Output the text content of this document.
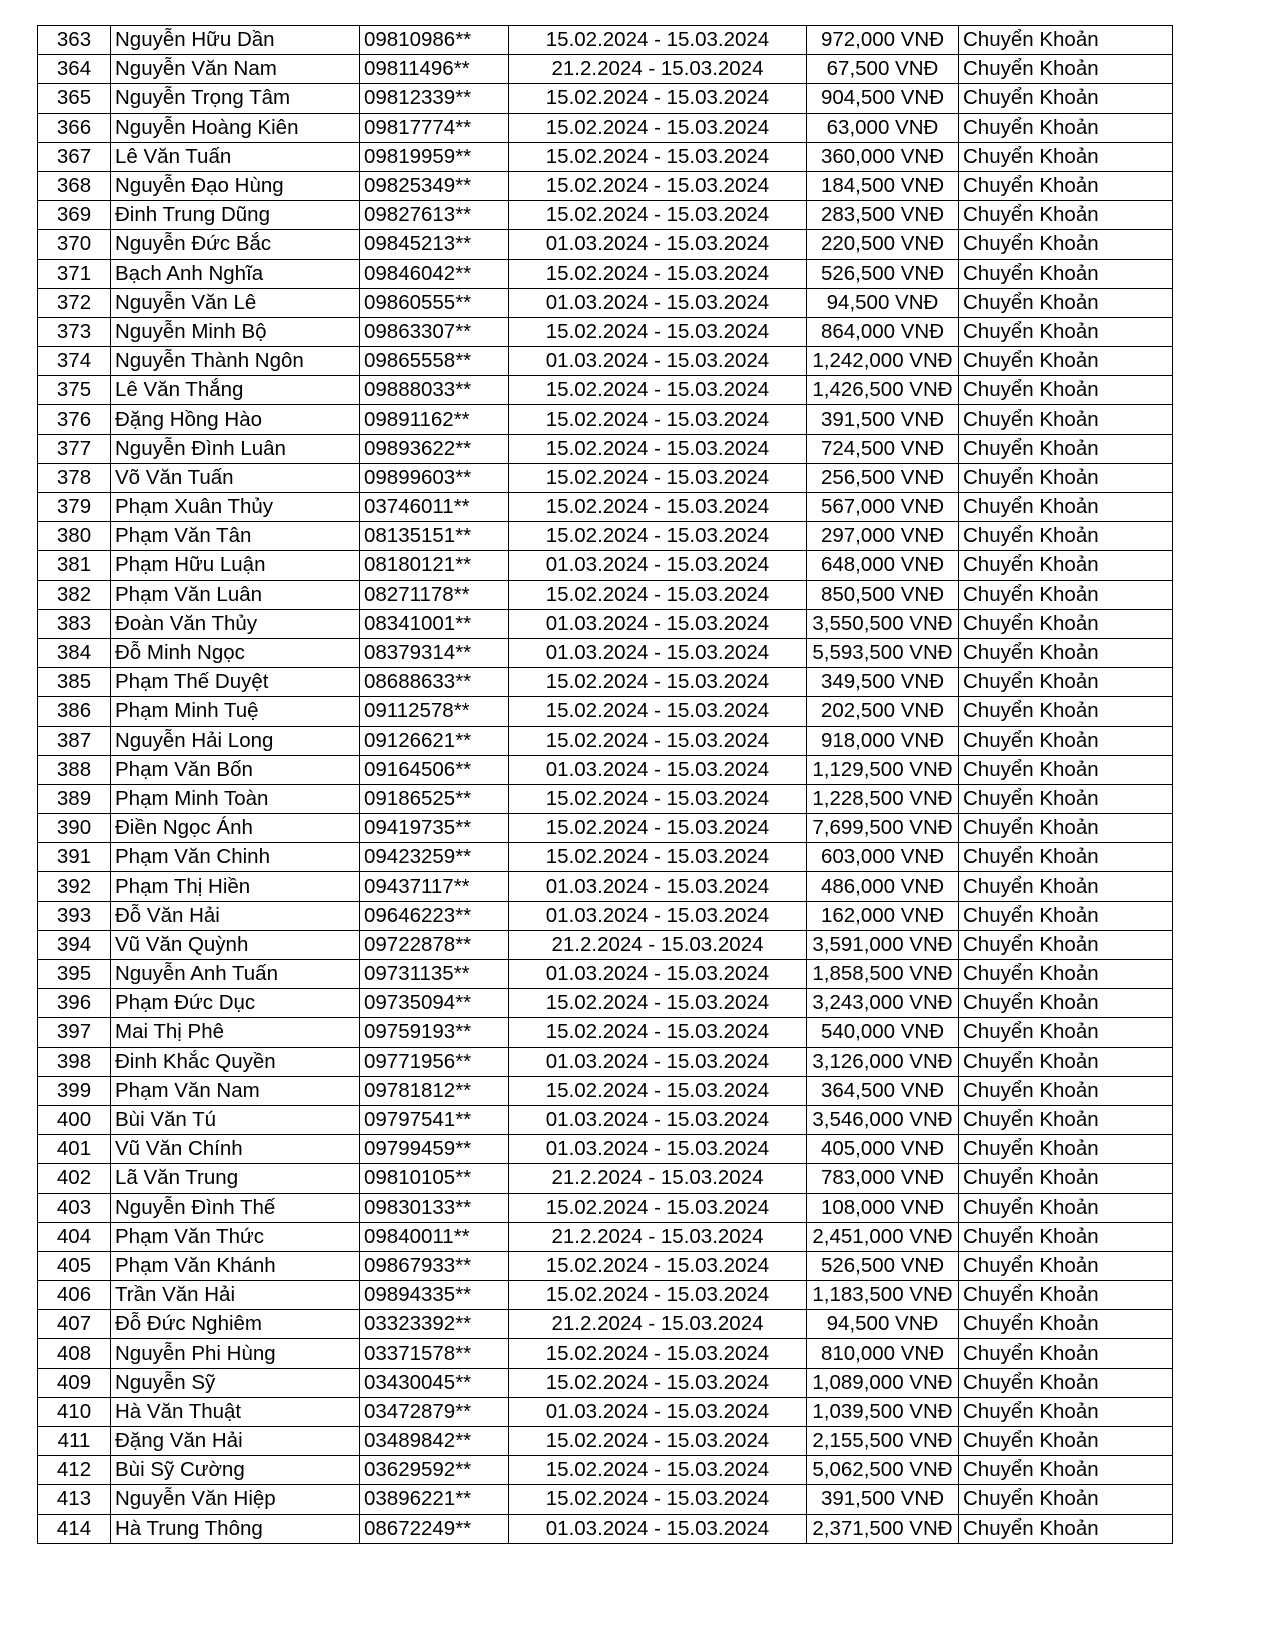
363	Nguyễn Hữu Dần	09810986**	15.02.2024 - 15.03.2024	972,000 VNĐ	Chuyển Khoản
364	Nguyễn Văn Nam	09811496**	21.2.2024 - 15.03.2024	67,500 VNĐ	Chuyển Khoản
365	Nguyễn Trọng Tâm	09812339**	15.02.2024 - 15.03.2024	904,500 VNĐ	Chuyển Khoản
366	Nguyễn Hoàng Kiên	09817774**	15.02.2024 - 15.03.2024	63,000 VNĐ	Chuyển Khoản
367	Lê Văn Tuấn	09819959**	15.02.2024 - 15.03.2024	360,000 VNĐ	Chuyển Khoản
368	Nguyễn Đạo Hùng	09825349**	15.02.2024 - 15.03.2024	184,500 VNĐ	Chuyển Khoản
369	Đinh Trung Dũng	09827613**	15.02.2024 - 15.03.2024	283,500 VNĐ	Chuyển Khoản
370	Nguyễn Đức Bắc	09845213**	01.03.2024 - 15.03.2024	220,500 VNĐ	Chuyển Khoản
371	Bạch Anh Nghĩa	09846042**	15.02.2024 - 15.03.2024	526,500 VNĐ	Chuyển Khoản
372	Nguyễn Văn Lê	09860555**	01.03.2024 - 15.03.2024	94,500 VNĐ	Chuyển Khoản
373	Nguyễn Minh Bộ	09863307**	15.02.2024 - 15.03.2024	864,000 VNĐ	Chuyển Khoản
374	Nguyễn Thành Ngôn	09865558**	01.03.2024 - 15.03.2024	1,242,000 VNĐ	Chuyển Khoản
375	Lê Văn Thắng	09888033**	15.02.2024 - 15.03.2024	1,426,500 VNĐ	Chuyển Khoản
376	Đặng Hồng Hào	09891162**	15.02.2024 - 15.03.2024	391,500 VNĐ	Chuyển Khoản
377	Nguyễn Đình Luân	09893622**	15.02.2024 - 15.03.2024	724,500 VNĐ	Chuyển Khoản
378	Võ Văn Tuấn	09899603**	15.02.2024 - 15.03.2024	256,500 VNĐ	Chuyển Khoản
379	Phạm Xuân Thủy	03746011**	15.02.2024 - 15.03.2024	567,000 VNĐ	Chuyển Khoản
380	Phạm Văn Tân	08135151**	15.02.2024 - 15.03.2024	297,000 VNĐ	Chuyển Khoản
381	Phạm Hữu Luận	08180121**	01.03.2024 - 15.03.2024	648,000 VNĐ	Chuyển Khoản
382	Phạm Văn Luân	08271178**	15.02.2024 - 15.03.2024	850,500 VNĐ	Chuyển Khoản
383	Đoàn Văn Thủy	08341001**	01.03.2024 - 15.03.2024	3,550,500 VNĐ	Chuyển Khoản
384	Đỗ Minh Ngọc	08379314**	01.03.2024 - 15.03.2024	5,593,500 VNĐ	Chuyển Khoản
385	Phạm Thế Duyệt	08688633**	15.02.2024 - 15.03.2024	349,500 VNĐ	Chuyển Khoản
386	Phạm Minh Tuệ	09112578**	15.02.2024 - 15.03.2024	202,500 VNĐ	Chuyển Khoản
387	Nguyễn Hải Long	09126621**	15.02.2024 - 15.03.2024	918,000 VNĐ	Chuyển Khoản
388	Phạm Văn Bốn	09164506**	01.03.2024 - 15.03.2024	1,129,500 VNĐ	Chuyển Khoản
389	Phạm Minh Toàn	09186525**	15.02.2024 - 15.03.2024	1,228,500 VNĐ	Chuyển Khoản
390	Điền Ngọc Ánh	09419735**	15.02.2024 - 15.03.2024	7,699,500 VNĐ	Chuyển Khoản
391	Phạm Văn Chinh	09423259**	15.02.2024 - 15.03.2024	603,000 VNĐ	Chuyển Khoản
392	Phạm Thị Hiền	09437117**	01.03.2024 - 15.03.2024	486,000 VNĐ	Chuyển Khoản
393	Đỗ Văn Hải	09646223**	01.03.2024 - 15.03.2024	162,000 VNĐ	Chuyển Khoản
394	Vũ Văn Quỳnh	09722878**	21.2.2024 - 15.03.2024	3,591,000 VNĐ	Chuyển Khoản
395	Nguyễn Anh Tuấn	09731135**	01.03.2024 - 15.03.2024	1,858,500 VNĐ	Chuyển Khoản
396	Phạm Đức Dục	09735094**	15.02.2024 - 15.03.2024	3,243,000 VNĐ	Chuyển Khoản
397	Mai Thị Phê	09759193**	15.02.2024 - 15.03.2024	540,000 VNĐ	Chuyển Khoản
398	Đinh Khắc Quyền	09771956**	01.03.2024 - 15.03.2024	3,126,000 VNĐ	Chuyển Khoản
399	Phạm Văn Nam	09781812**	15.02.2024 - 15.03.2024	364,500 VNĐ	Chuyển Khoản
400	Bùi Văn Tú	09797541**	01.03.2024 - 15.03.2024	3,546,000 VNĐ	Chuyển Khoản
401	Vũ Văn Chính	09799459**	01.03.2024 - 15.03.2024	405,000 VNĐ	Chuyển Khoản
402	Lã Văn Trung	09810105**	21.2.2024 - 15.03.2024	783,000 VNĐ	Chuyển Khoản
403	Nguyễn Đình Thế	09830133**	15.02.2024 - 15.03.2024	108,000 VNĐ	Chuyển Khoản
404	Phạm Văn Thức	09840011**	21.2.2024 - 15.03.2024	2,451,000 VNĐ	Chuyển Khoản
405	Phạm Văn Khánh	09867933**	15.02.2024 - 15.03.2024	526,500 VNĐ	Chuyển Khoản
406	Trần Văn Hải	09894335**	15.02.2024 - 15.03.2024	1,183,500 VNĐ	Chuyển Khoản
407	Đỗ Đức Nghiêm	03323392**	21.2.2024 - 15.03.2024	94,500 VNĐ	Chuyển Khoản
408	Nguyễn Phi Hùng	03371578**	15.02.2024 - 15.03.2024	810,000 VNĐ	Chuyển Khoản
409	Nguyễn Sỹ	03430045**	15.02.2024 - 15.03.2024	1,089,000 VNĐ	Chuyển Khoản
410	Hà Văn Thuật	03472879**	01.03.2024 - 15.03.2024	1,039,500 VNĐ	Chuyển Khoản
411	Đặng Văn Hải	03489842**	15.02.2024 - 15.03.2024	2,155,500 VNĐ	Chuyển Khoản
412	Bùi Sỹ Cường	03629592**	15.02.2024 - 15.03.2024	5,062,500 VNĐ	Chuyển Khoản
413	Nguyễn Văn Hiệp	03896221**	15.02.2024 - 15.03.2024	391,500 VNĐ	Chuyển Khoản
414	Hà Trung Thông	08672249**	01.03.2024 - 15.03.2024	2,371,500 VNĐ	Chuyển Khoản
